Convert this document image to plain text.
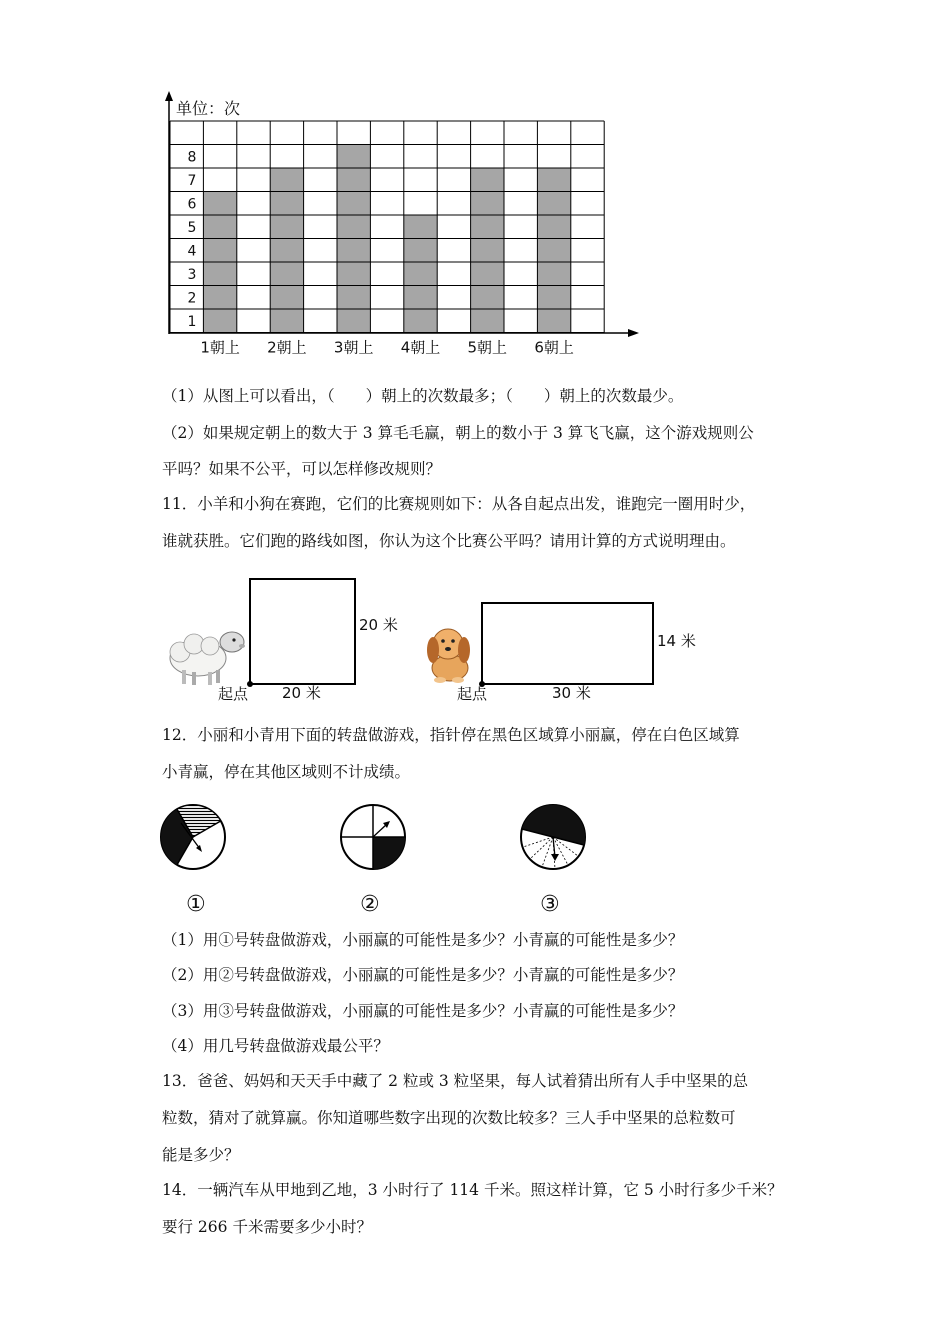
单位：次
1
2
3
4
5
6
7
8
1朝上 2朝上 3朝上 4朝上 5朝上 6朝上
（1）从图上可以看出，（　　）朝上的次数最多；（　　）朝上的次数最少。
（2）如果规定朝上的数大于 3 算毛毛赢，朝上的数小于 3 算飞飞赢，这个游戏规则公
平吗？如果不公平，可以怎样修改规则？
11．小羊和小狗在赛跑，它们的比赛规则如下：从各自起点出发，谁跑完一圈用时少，
谁就获胜。它们跑的路线如图，你认为这个比赛公平吗？请用计算的方式说明理由。
20 米
20 米
起点
14 米
30 米
起点
12．小丽和小青用下面的转盘做游戏，指针停在黑色区域算小丽赢，停在白色区域算
小青赢，停在其他区域则不计成绩。
①	②	③
（1）用①号转盘做游戏，小丽赢的可能性是多少？小青赢的可能性是多少？
（2）用②号转盘做游戏，小丽赢的可能性是多少？小青赢的可能性是多少？
（3）用③号转盘做游戏，小丽赢的可能性是多少？小青赢的可能性是多少？
（4）用几号转盘做游戏最公平？
13．爸爸、妈妈和天天手中藏了 2 粒或 3 粒坚果，每人试着猜出所有人手中坚果的总
粒数，猜对了就算赢。你知道哪些数字出现的次数比较多？三人手中坚果的总粒数可
能是多少？
14．一辆汽车从甲地到乙地，3 小时行了 114 千米。照这样计算，它 5 小时行多少千米？
要行 266 千米需要多少小时？
